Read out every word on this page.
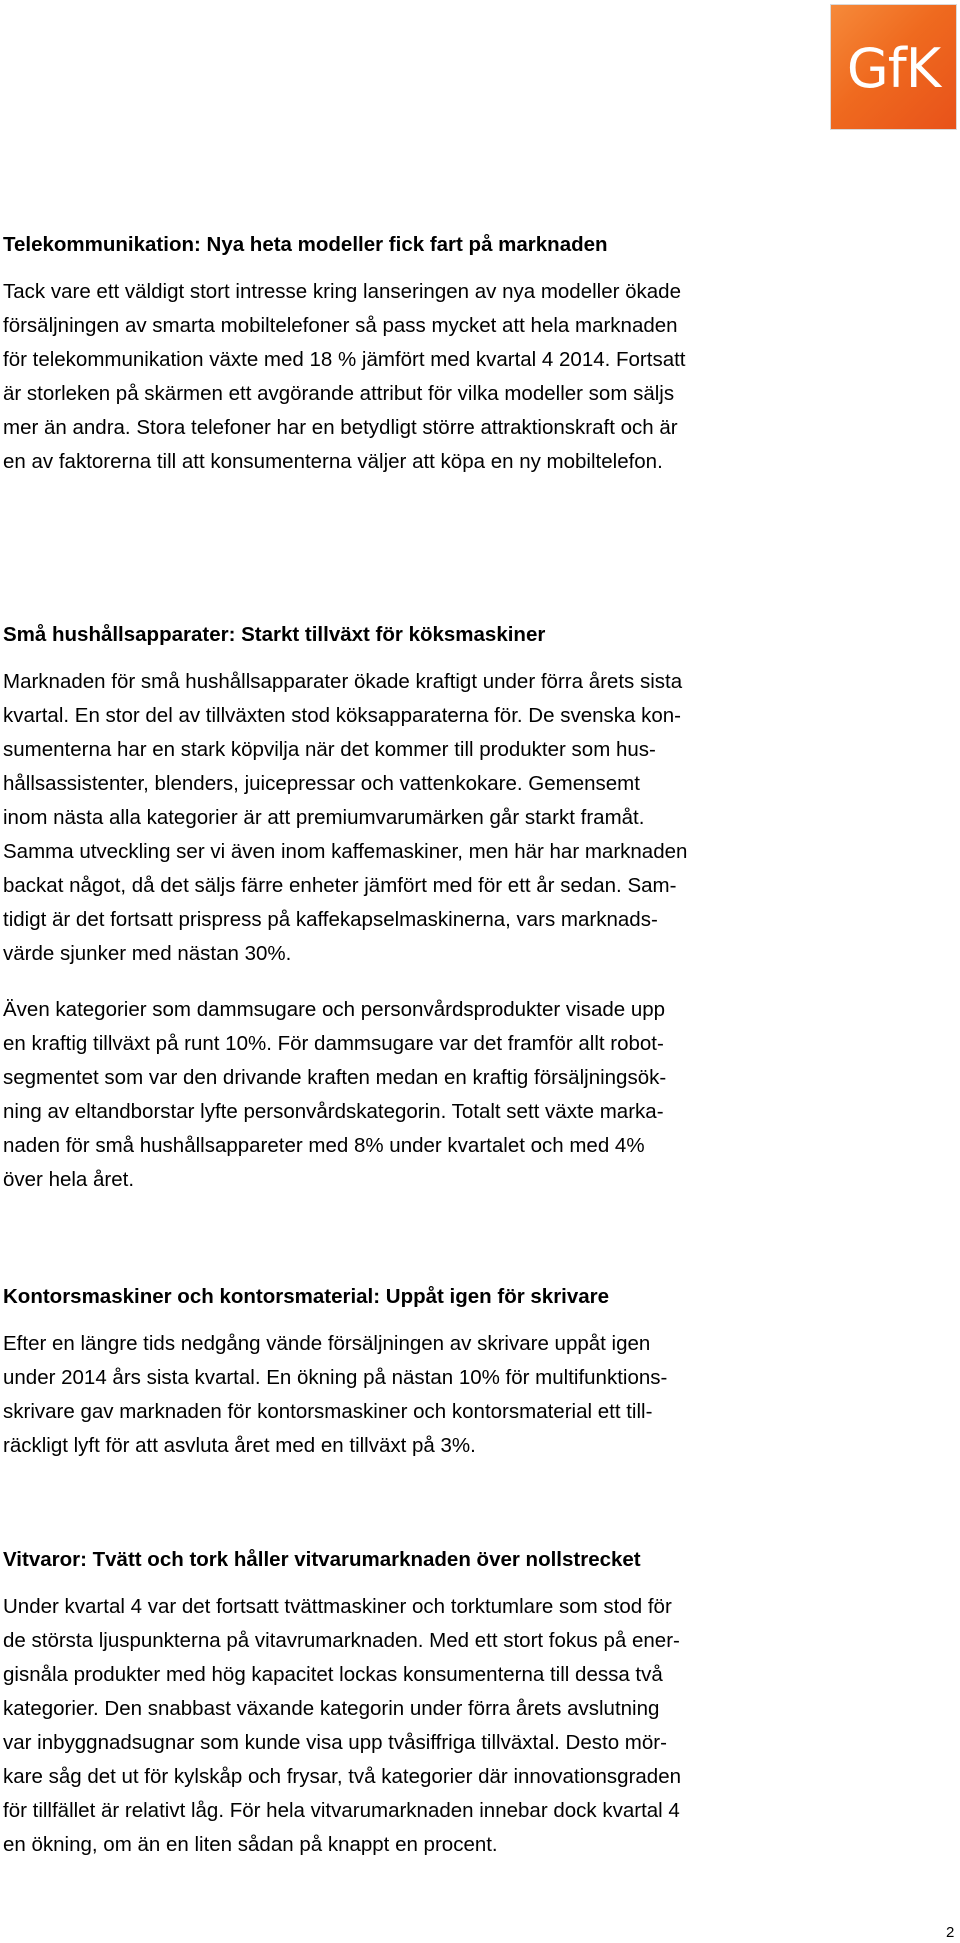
GfK
Telekommunikation: Nya heta modeller fick fart på marknaden

Tack vare ett väldigt stort intresse kring lanseringen av nya modeller ökade
försäljningen av smarta mobiltelefoner så pass mycket att hela marknaden
för telekommunikation växte med 18 % jämfört med kvartal 4 2014. Fortsatt
är storleken på skärmen ett avgörande attribut för vilka modeller som säljs
mer än andra. Stora telefoner har en betydligt större attraktionskraft och är
en av faktorerna till att konsumenterna väljer att köpa en ny mobiltelefon.

Små hushållsapparater: Starkt tillväxt för köksmaskiner

Marknaden för små hushållsapparater ökade kraftigt under förra årets sista
kvartal. En stor del av tillväxten stod köksapparaterna för. De svenska kon-
sumenterna har en stark köpvilja när det kommer till produkter som hus-
hållsassistenter, blenders, juicepressar och vattenkokare. Gemensemt
inom nästa alla kategorier är att premiumvarumärken går starkt framåt.
Samma utveckling ser vi även inom kaffemaskiner, men här har marknaden
backat något, då det säljs färre enheter jämfört med för ett år sedan. Sam-
tidigt är det fortsatt prispress på kaffekapselmaskinerna, vars marknads-
värde sjunker med nästan 30%.

Även kategorier som dammsugare och personvårdsprodukter visade upp
en kraftig tillväxt på runt 10%. För dammsugare var det framför allt robot-
segmentet som var den drivande kraften medan en kraftig försäljningsök-
ning av eltandborstar lyfte personvårdskategorin. Totalt sett växte marka-
naden för små hushållsappareter med 8% under kvartalet och med 4%
över hela året.

Kontorsmaskiner och kontorsmaterial: Uppåt igen för skrivare

Efter en längre tids nedgång vände försäljningen av skrivare uppåt igen
under 2014 års sista kvartal. En ökning på nästan 10% för multifunktions-
skrivare gav marknaden för kontorsmaskiner och kontorsmaterial ett till-
räckligt lyft för att asvluta året med en tillväxt på 3%.

Vitvaror: Tvätt och tork håller vitvarumarknaden över nollstrecket

Under kvartal 4 var det fortsatt tvättmaskiner och torktumlare som stod för
de största ljuspunkterna på vitavrumarknaden. Med ett stort fokus på ener-
gisnåla produkter med hög kapacitet lockas konsumenterna till dessa två
kategorier. Den snabbast växande kategorin under förra årets avslutning
var inbyggnadsugnar som kunde visa upp tvåsiffriga tillväxtal. Desto mör-
kare såg det ut för kylskåp och frysar, två kategorier där innovationsgraden
för tillfället är relativt låg. För hela vitvarumarknaden innebar dock kvartal 4
en ökning, om än en liten sådan på knappt en procent.

2
